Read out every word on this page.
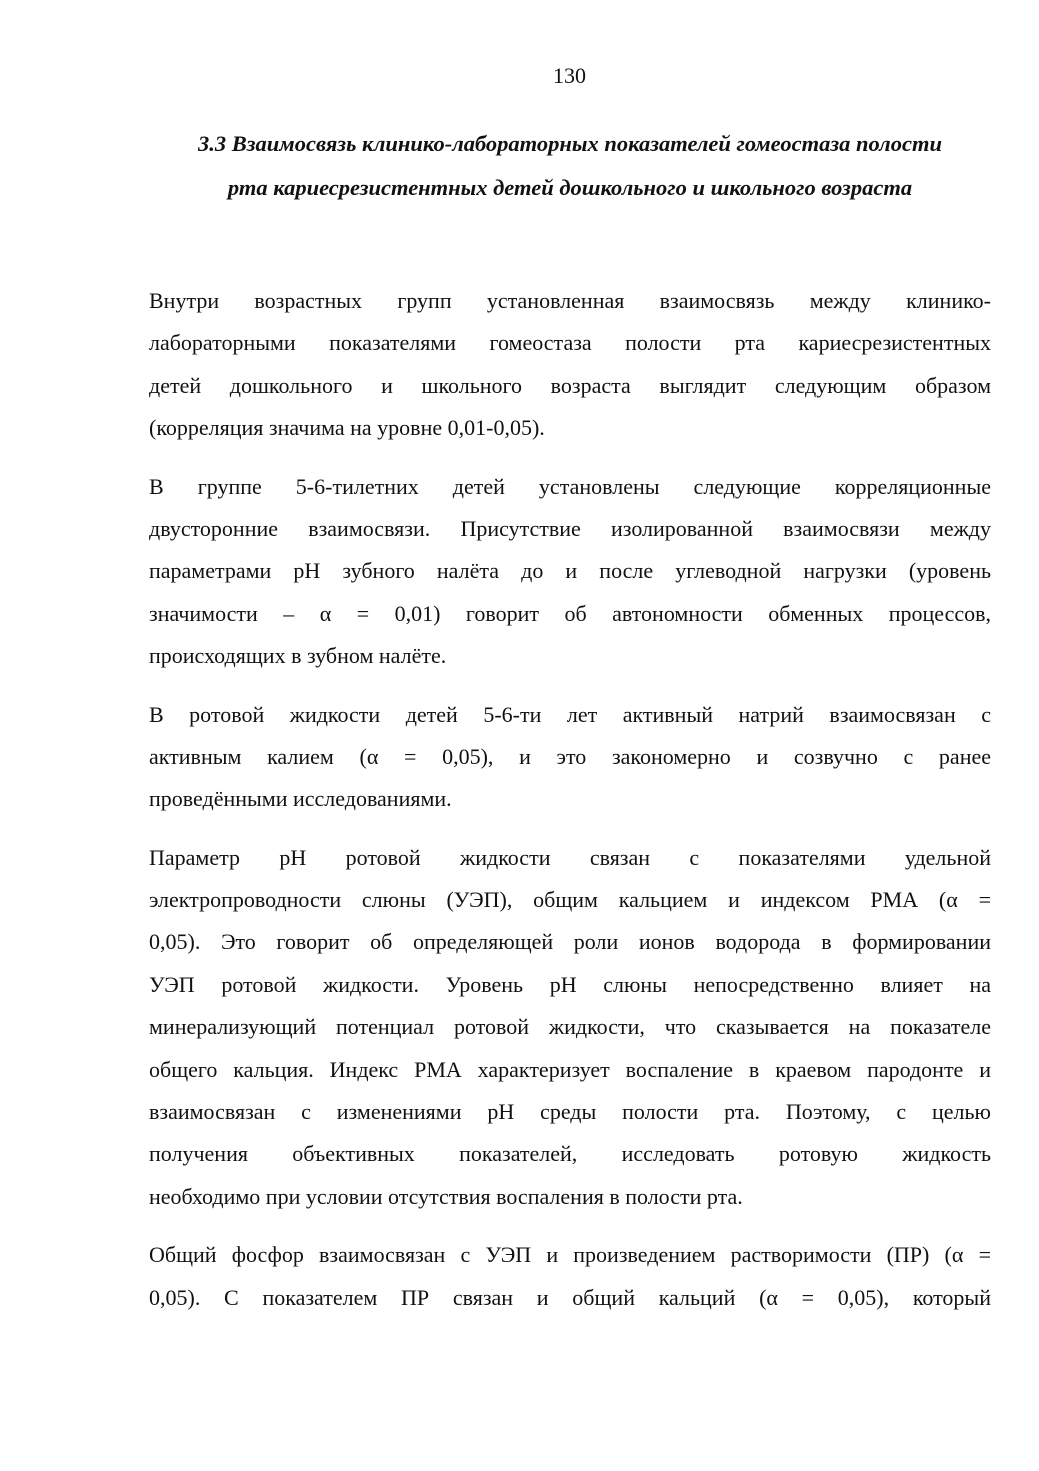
130
3.3 Взаимосвязь клинико-лабораторных показателей гомеостаза полости
рта кариесрезистентных детей дошкольного и школьного возраста
Внутри возрастных групп установленная взаимосвязь между клинико-
лабораторными показателями гомеостаза полости рта кариесрезистентных
детей дошкольного и школьного возраста выглядит следующим образом
(корреляция значима на уровне 0,01-0,05).
В группе 5-6-тилетних детей установлены следующие корреляционные
двусторонние взаимосвязи. Присутствие изолированной взаимосвязи между
параметрами pH зубного налёта до и после углеводной нагрузки (уровень
значимости – α = 0,01) говорит об автономности обменных процессов,
происходящих в зубном налёте.
В ротовой жидкости детей 5-6-ти лет активный натрий взаимосвязан с
активным калием (α = 0,05), и это закономерно и созвучно с ранее
проведёнными исследованиями.
Параметр pH ротовой жидкости связан с показателями удельной
электропроводности слюны (УЭП), общим кальцием и индексом РМА (α =
0,05). Это говорит об определяющей роли ионов водорода в формировании
УЭП ротовой жидкости. Уровень pH слюны непосредственно влияет на
минерализующий потенциал ротовой жидкости, что сказывается на показателе
общего кальция. Индекс РМА характеризует воспаление в краевом пародонте и
взаимосвязан с изменениями pH среды полости рта. Поэтому, с целью
получения объективных показателей, исследовать ротовую жидкость
необходимо при условии отсутствия воспаления в полости рта.
Общий фосфор взаимосвязан с УЭП и произведением растворимости (ПР) (α =
0,05). С показателем ПР связан и общий кальций (α = 0,05), который
